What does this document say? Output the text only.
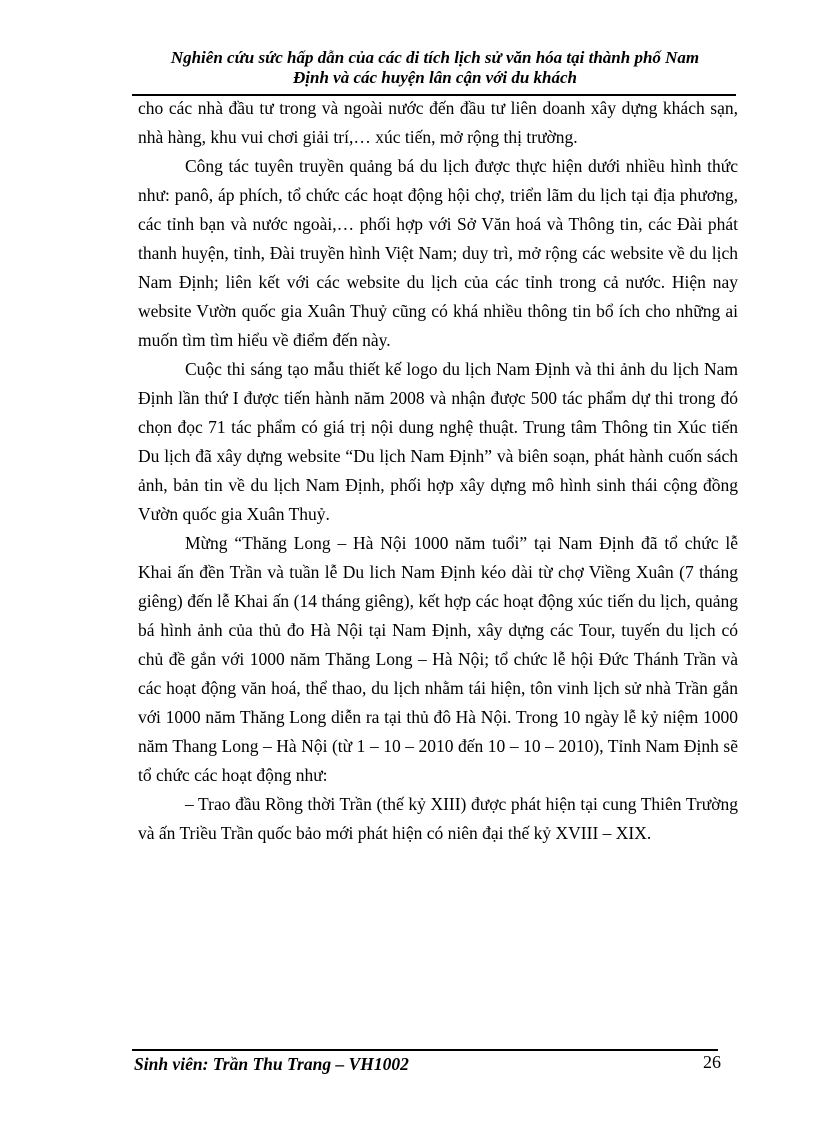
Nghiên cứu sức hấp dẫn của các di tích lịch sử văn hóa tại thành phố Nam
Định và các huyện lân cận với du khách

cho các nhà đầu tư trong và ngoài nước đến đầu tư liên doanh xây dựng khách sạn, nhà hàng, khu vui chơi giải trí,… xúc tiến, mở rộng thị trường.

Công tác tuyên truyền quảng bá du lịch được thực hiện dưới nhiều hình thức như: panô, áp phích, tổ chức các hoạt động hội chợ, triển lãm du lịch tại địa phương, các tỉnh bạn và nước ngoài,… phối hợp với Sở Văn hoá và Thông tin, các Đài phát thanh huyện, tỉnh, Đài truyền hình Việt Nam; duy trì, mở rộng các website về du lịch Nam Định; liên kết với các website du lịch của các tỉnh trong cả nước. Hiện nay website Vườn quốc gia Xuân Thuỷ cũng có khá nhiều thông tin bổ ích cho những ai muốn tìm tìm hiểu về điểm đến này.

Cuộc thi sáng tạo mẫu thiết kế logo du lịch Nam Định và thi ảnh du lịch Nam Định lần thứ I được tiến hành năm 2008 và nhận được 500 tác phẩm dự thi trong đó chọn đọc 71 tác phẩm có giá trị nội dung nghệ thuật. Trung tâm Thông tin Xúc tiến Du lịch đã xây dựng website “Du lịch Nam Định” và biên soạn, phát hành cuốn sách ảnh, bản tin về du lịch Nam Định, phối hợp xây dựng mô hình sinh thái cộng đồng Vườn quốc gia Xuân Thuỷ.

Mừng “Thăng Long – Hà Nội 1000 năm tuổi” tại Nam Định đã tổ chức lễ Khai ấn đền Trần và tuần lễ Du lich Nam Định kéo dài từ chợ Viềng Xuân (7 tháng giêng) đến lễ Khai ấn (14 tháng giêng), kết hợp các hoạt động xúc tiến du lịch, quảng bá hình ảnh của thủ đo Hà Nội tại Nam Định, xây dựng các Tour, tuyến du lịch có chủ đề gắn với 1000 năm Thăng Long – Hà Nội; tổ chức lễ hội Đức Thánh Trần và các hoạt động văn hoá, thể thao, du lịch nhằm tái hiện, tôn vinh lịch sử nhà Trần gắn với 1000 năm Thăng Long diễn ra tại thủ đô Hà Nội. Trong 10 ngày lễ kỷ niệm 1000 năm Thang Long – Hà Nội (từ 1 – 10 – 2010 đến 10 – 10 – 2010), Tỉnh Nam Định sẽ tổ chức các hoạt động như:

– Trao đầu Rồng thời Trần (thế kỷ XIII) được phát hiện tại cung Thiên Trường và ấn Triều Trần quốc bảo mới phát hiện có niên đại thế kỷ XVIII – XIX.

Sinh viên: Trần Thu Trang – VH1002	26
